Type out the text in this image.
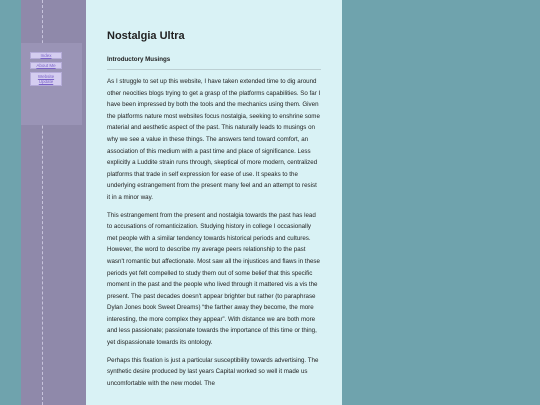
Index
About Me
Website Update
Nostalgia Ultra
Introductory Musings

As I struggle to set up this website, I have taken extended time to dig around other neocities blogs trying to get a grasp of the platforms capabilities. So far I have been impressed by both the tools and the mechanics using them. Given the platforms nature most websites focus nostalgia, seeking to enshrine some material and aesthetic aspect of the past. This naturally leads to musings on why we see a value in these things. The answers tend toward comfort, an association of this medium with a past time and place of significance. Less explicitly a Luddite strain runs through, skeptical of more modern, centralized platforms that trade in self expression for ease of use. It speaks to the underlying estrangement from the present many feel and an attempt to resist it in a minor way.

This estrangement from the present and nostalgia towards the past has lead to accusations of romanticization. Studying history in college I occasionally met people with a similar tendency towards historical periods and cultures. However, the word to describe my average peers relationship to the past wasn't romantic but affectionate. Most saw all the injustices and flaws in these periods yet felt compelled to study them out of some belief that this specific moment in the past and the people who lived through it mattered vis a vis the present. The past decades doesn't appear brighter but rather (to paraphrase Dylan Jones book Sweet Dreams) “the farther away they become, the more interesting, the more complex they appear”. With distance we are both more and less passionate; passionate towards the importance of this time or thing, yet dispassionate towards its ontology.

Perhaps this fixation is just a particular susceptibility towards advertising. The synthetic desire produced by last years Capital worked so well it made us uncomfortable with the new model. The
